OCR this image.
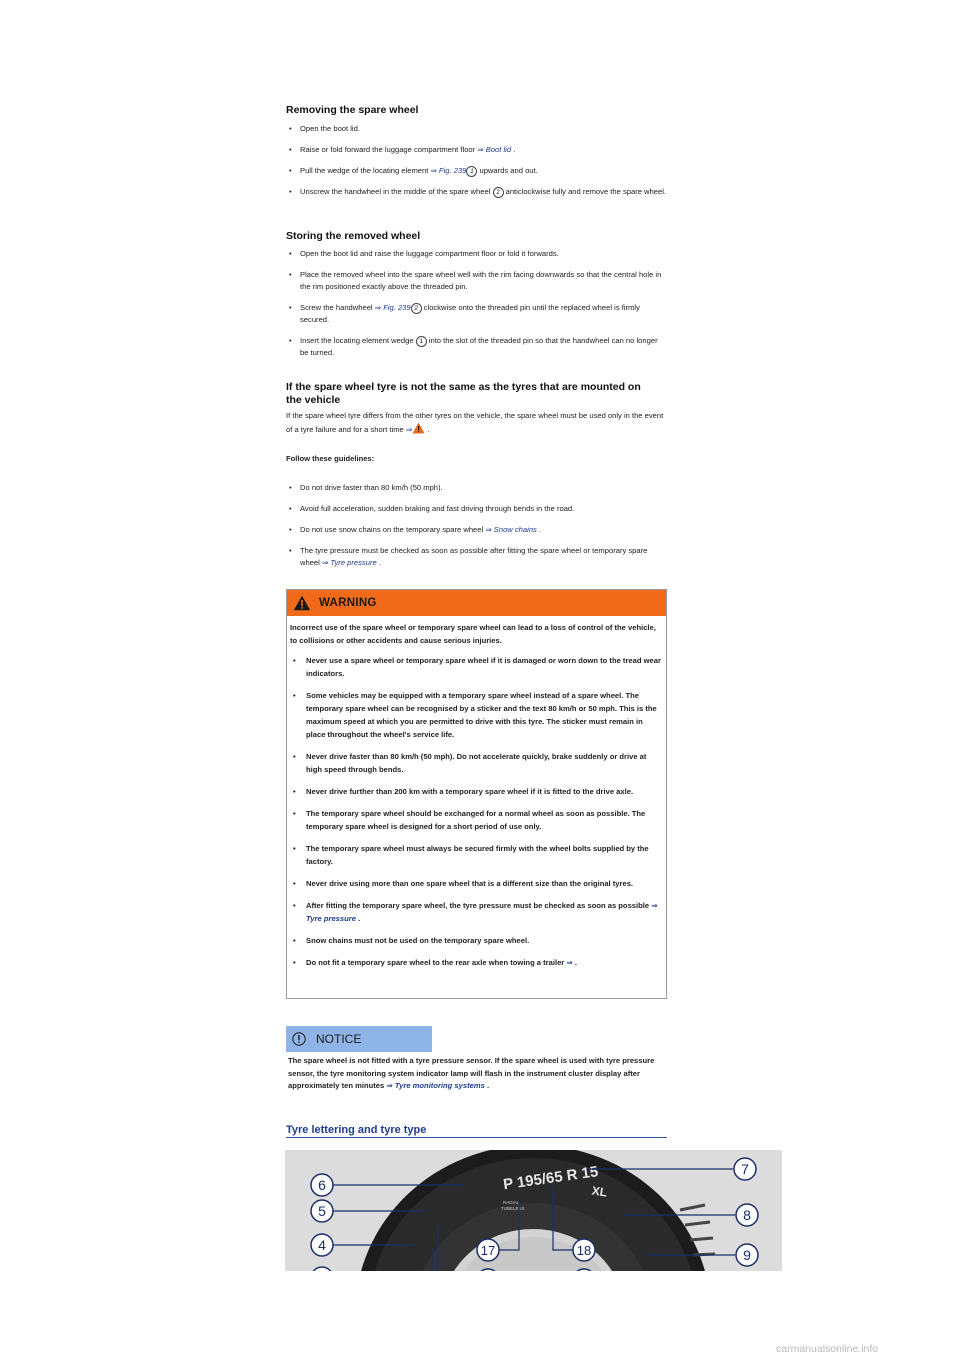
Removing the spare wheel
• Open the boot lid.
• Raise or fold forward the luggage compartment floor ⇒ Boot lid .
• Pull the wedge of the locating element ⇒ Fig. 239 1 upwards and out.
• Unscrew the handwheel in the middle of the spare wheel 2 anticlockwise fully and remove the spare wheel.
Storing the removed wheel
• Open the boot lid and raise the luggage compartment floor or fold it forwards.
• Place the removed wheel into the spare wheel well with the rim facing downwards so that the central hole in the rim positioned exactly above the threaded pin.
• Screw the handwheel ⇒ Fig. 239 2 clockwise onto the threaded pin until the replaced wheel is firmly secured.
• Insert the locating element wedge 1 into the slot of the threaded pin so that the handwheel can no longer be turned.
If the spare wheel tyre is not the same as the tyres that are mounted on the vehicle

If the spare wheel tyre differs from the other tyres on the vehicle, the spare wheel must be used only in the event of a tyre failure and for a short time ⇒ .

Follow these guidelines:

• Do not drive faster than 80 km/h (50 mph).
• Avoid full acceleration, sudden braking and fast driving through bends in the road.
• Do not use snow chains on the temporary spare wheel ⇒ Snow chains .
• The tyre pressure must be checked as soon as possible after fitting the spare wheel or temporary spare wheel ⇒ Tyre pressure .
WARNING

Incorrect use of the spare wheel or temporary spare wheel can lead to a loss of control of the vehicle, to collisions or other accidents and cause serious injuries.

• Never use a spare wheel or temporary spare wheel if it is damaged or worn down to the tread wear indicators.
• Some vehicles may be equipped with a temporary spare wheel instead of a spare wheel. The temporary spare wheel can be recognised by a sticker and the text 80 km/h or 50 mph. This is the maximum speed at which you are permitted to drive with this tyre. The sticker must remain in place throughout the wheel's service life.
• Never drive faster than 80 km/h (50 mph). Do not accelerate quickly, brake suddenly or drive at high speed through bends.
• Never drive further than 200 km with a temporary spare wheel if it is fitted to the drive axle.
• The temporary spare wheel should be exchanged for a normal wheel as soon as possible. The temporary spare wheel is designed for a short period of use only.
• The temporary spare wheel must always be secured firmly with the wheel bolts supplied by the factory.
• Never drive using more than one spare wheel that is a different size than the original tyres.
• After fitting the temporary spare wheel, the tyre pressure must be checked as soon as possible ⇒ Tyre pressure .
• Snow chains must not be used on the temporary spare wheel.
• Do not fit a temporary spare wheel to the rear axle when towing a trailer ⇒ .
NOTICE
The spare wheel is not fitted with a tyre pressure sensor. If the spare wheel is used with tyre pressure sensor, the tyre monitoring system indicator lamp will flash in the instrument cluster display after approximately ten minutes ⇒ Tyre monitoring systems .
Tyre lettering and tyre type
P 195/65 R 15
XL
RADIAL
TUBELESS
6
5
4	17	18
7
8
9
carmanualsonline.info
